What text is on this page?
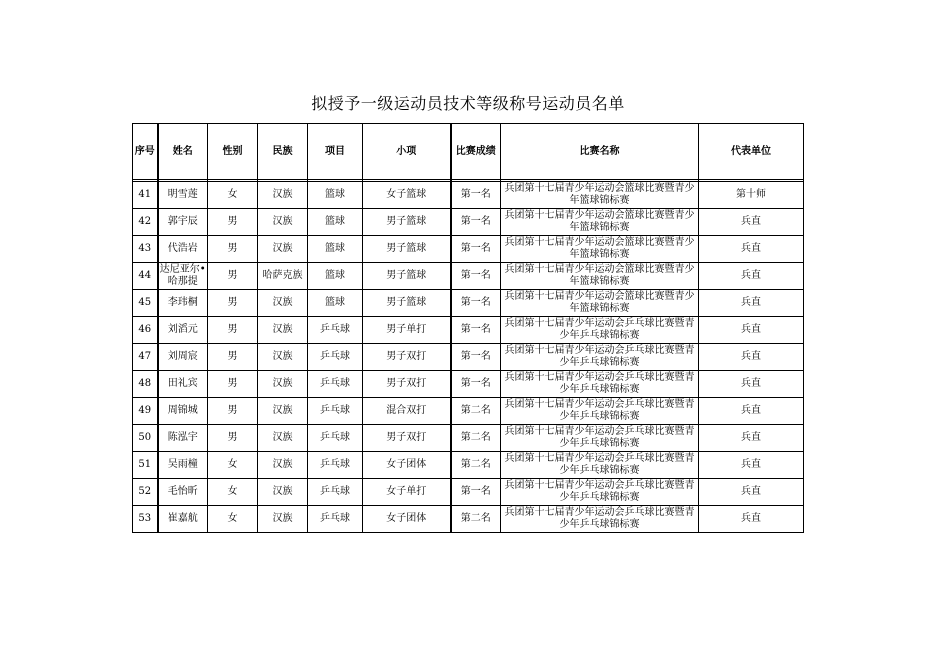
拟授予一级运动员技术等级称号运动员名单
序号	姓名	性别	民族	项目	小项	比赛成绩	比赛名称	代表单位

41	明雪莲	女	汉族	篮球	女子篮球	第一名	兵团第十七届青少年运动会篮球比赛暨青少年篮球锦标赛	第十师
42	郭宇辰	男	汉族	篮球	男子篮球	第一名	兵团第十七届青少年运动会篮球比赛暨青少年篮球锦标赛	兵直
43	代浩岩	男	汉族	篮球	男子篮球	第一名	兵团第十七届青少年运动会篮球比赛暨青少年篮球锦标赛	兵直
44	达尼亚尔•哈那提	男	哈萨克族	篮球	男子篮球	第一名	兵团第十七届青少年运动会篮球比赛暨青少年篮球锦标赛	兵直
45	李玮桐	男	汉族	篮球	男子篮球	第一名	兵团第十七届青少年运动会篮球比赛暨青少年篮球锦标赛	兵直
46	刘滔元	男	汉族	乒乓球	男子单打	第一名	兵团第十七届青少年运动会乒乓球比赛暨青少年乒乓球锦标赛	兵直
47	刘周宸	男	汉族	乒乓球	男子双打	第一名	兵团第十七届青少年运动会乒乓球比赛暨青少年乒乓球锦标赛	兵直
48	田礼宾	男	汉族	乒乓球	男子双打	第一名	兵团第十七届青少年运动会乒乓球比赛暨青少年乒乓球锦标赛	兵直
49	周锦城	男	汉族	乒乓球	混合双打	第二名	兵团第十七届青少年运动会乒乓球比赛暨青少年乒乓球锦标赛	兵直
50	陈泓宇	男	汉族	乒乓球	男子双打	第二名	兵团第十七届青少年运动会乒乓球比赛暨青少年乒乓球锦标赛	兵直
51	吴雨橦	女	汉族	乒乓球	女子团体	第二名	兵团第十七届青少年运动会乒乓球比赛暨青少年乒乓球锦标赛	兵直
52	毛怡昕	女	汉族	乒乓球	女子单打	第一名	兵团第十七届青少年运动会乒乓球比赛暨青少年乒乓球锦标赛	兵直
53	崔嘉航	女	汉族	乒乓球	女子团体	第二名	兵团第十七届青少年运动会乒乓球比赛暨青少年乒乓球锦标赛	兵直
